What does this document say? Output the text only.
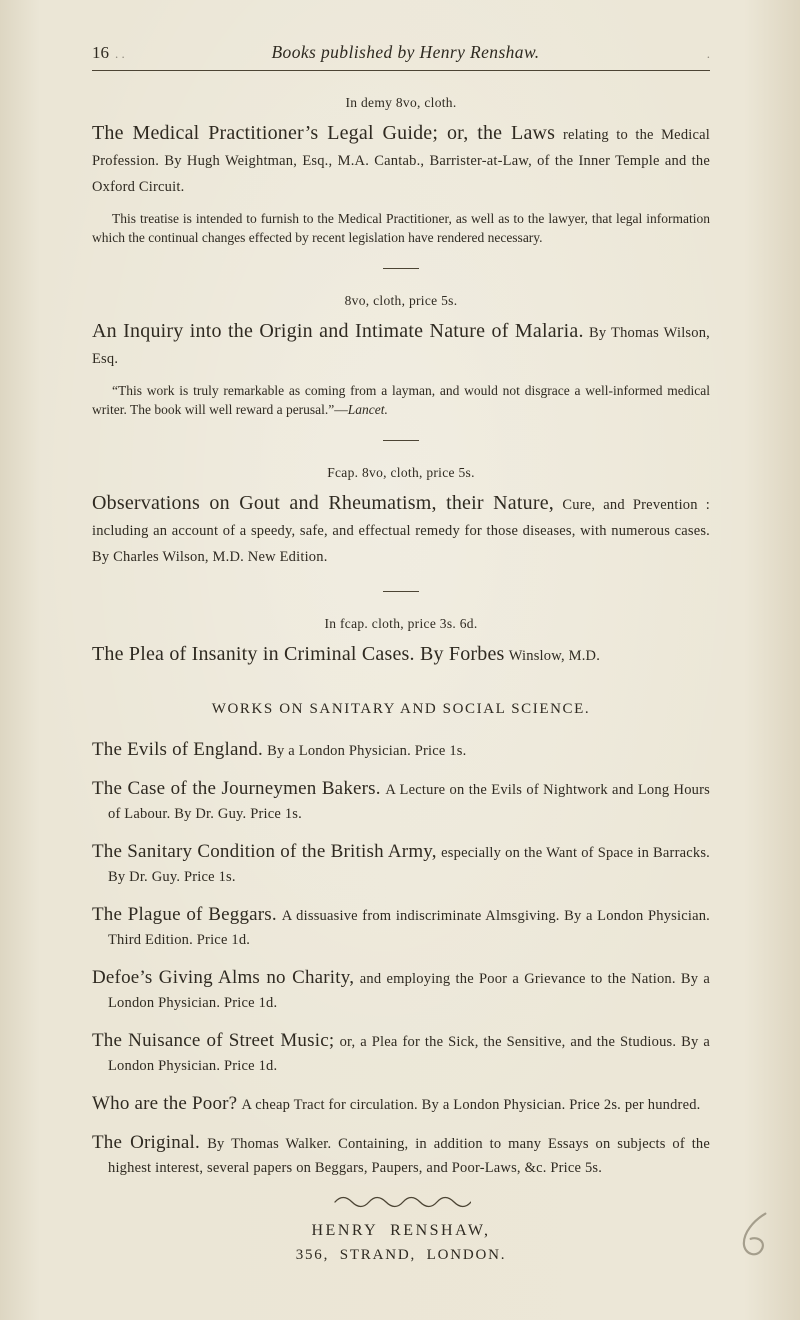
16 . .	Books published by Henry Renshaw.	.
In demy 8vo, cloth.

The Medical Practitioner’s Legal Guide; or, the Laws relating to the Medical Profession. By Hugh Weightman, Esq., M.A. Cantab., Barrister-at-Law, of the Inner Temple and the Oxford Circuit.

This treatise is intended to furnish to the Medical Practitioner, as well as to the lawyer, that legal information which the continual changes effected by recent legislation have rendered necessary.

8vo, cloth, price 5s.

An Inquiry into the Origin and Intimate Nature of Malaria. By Thomas Wilson, Esq.

“This work is truly remarkable as coming from a layman, and would not disgrace a well-informed medical writer. The book will well reward a perusal.”—Lancet.

Fcap. 8vo, cloth, price 5s.

Observations on Gout and Rheumatism, their Nature, Cure, and Prevention : including an account of a speedy, safe, and effectual remedy for those diseases, with numerous cases. By Charles Wilson, M.D. New Edition.

In fcap. cloth, price 3s. 6d.

The Plea of Insanity in Criminal Cases. By Forbes Winslow, M.D.

WORKS ON SANITARY AND SOCIAL SCIENCE.

The Evils of England. By a London Physician. Price 1s.

The Case of the Journeymen Bakers. A Lecture on the Evils of Nightwork and Long Hours of Labour. By Dr. Guy. Price 1s.

The Sanitary Condition of the British Army, especially on the Want of Space in Barracks. By Dr. Guy. Price 1s.

The Plague of Beggars. A dissuasive from indiscriminate Almsgiving. By a London Physician. Third Edition. Price 1d.

Defoe’s Giving Alms no Charity, and employing the Poor a Grievance to the Nation. By a London Physician. Price 1d.

The Nuisance of Street Music; or, a Plea for the Sick, the Sensitive, and the Studious. By a London Physician. Price 1d.

Who are the Poor? A cheap Tract for circulation. By a London Physician. Price 2s. per hundred.

The Original. By Thomas Walker. Containing, in addition to many Essays on subjects of the highest interest, several papers on Beggars, Paupers, and Poor-Laws, &c. Price 5s.

HENRY RENSHAW,
356, STRAND, LONDON.
